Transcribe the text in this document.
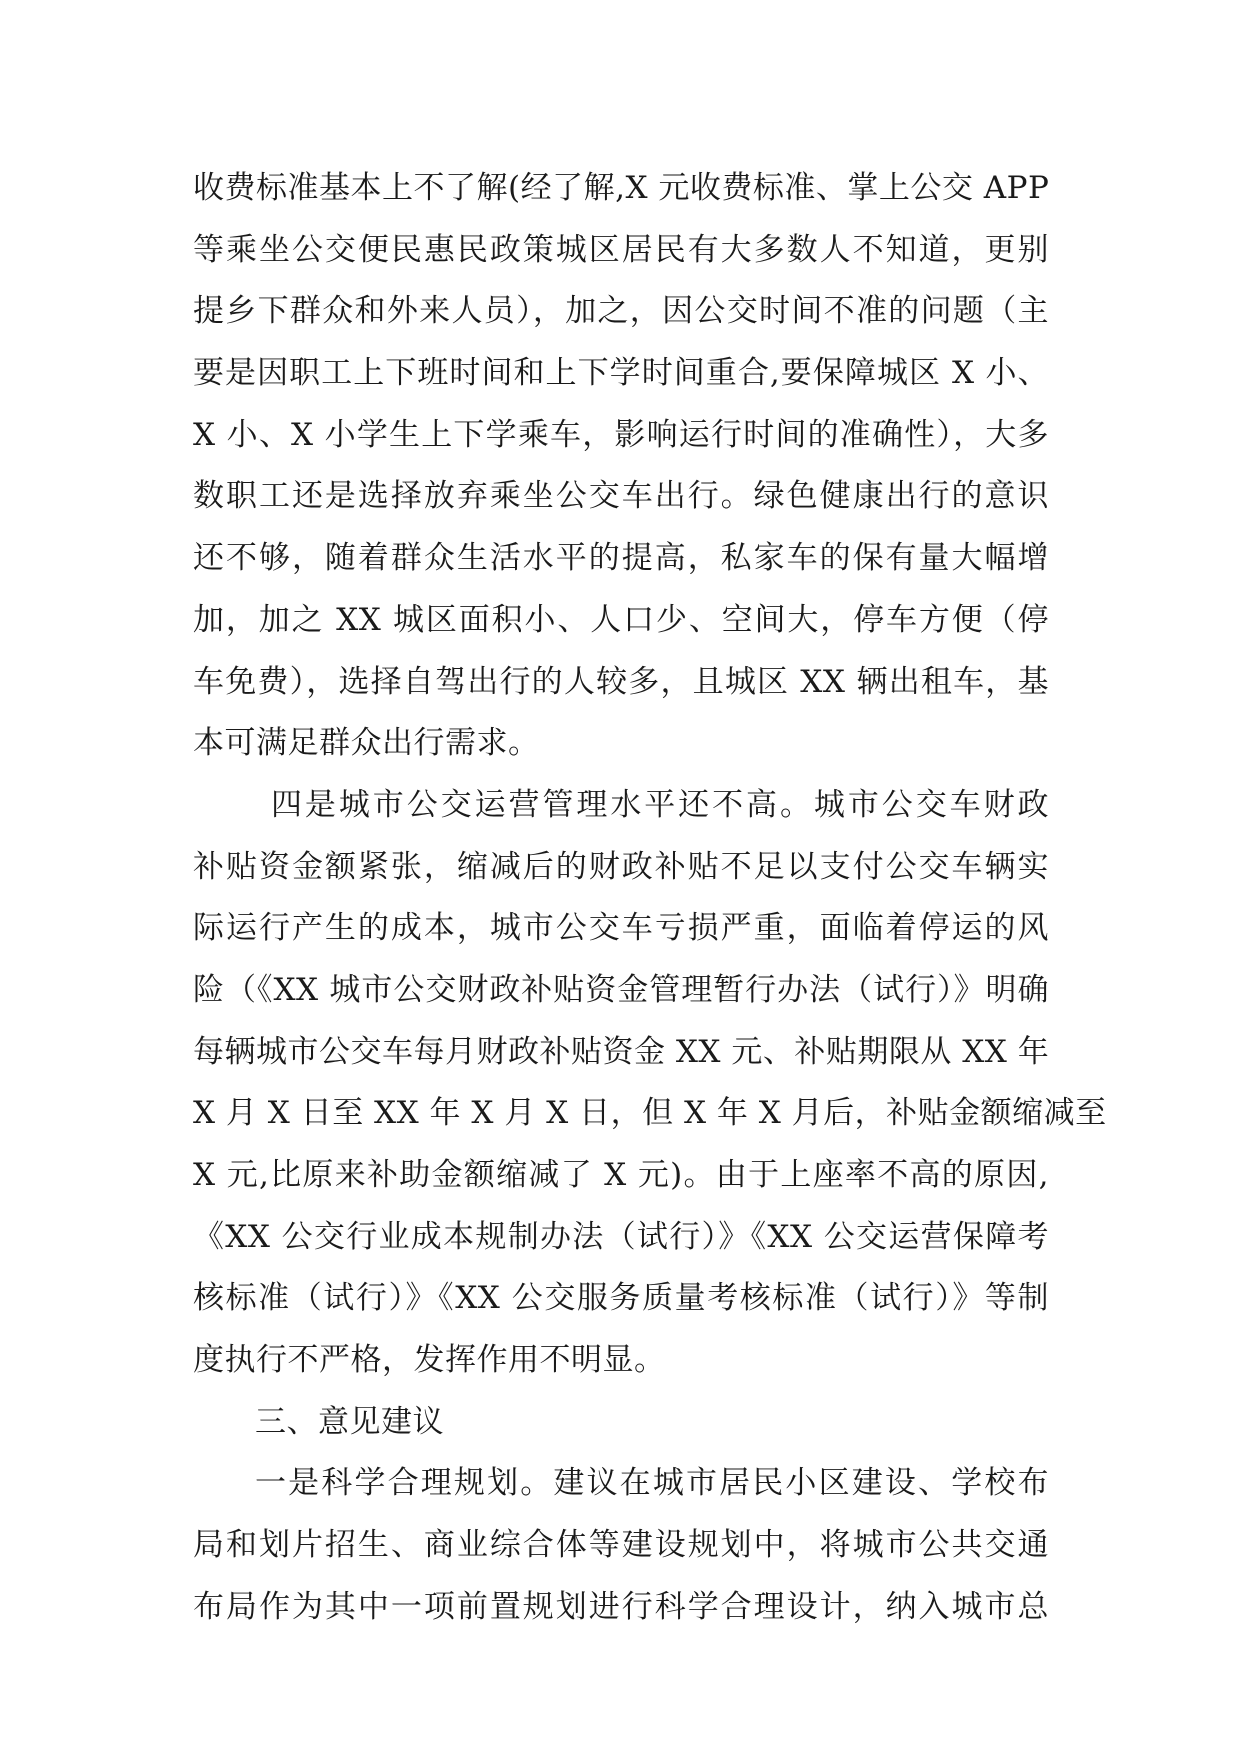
收费标准基本上不了解(经了解,X 元收费标准、掌上公交 APP
等乘坐公交便民惠民政策城区居民有大多数人不知道，更别
提乡下群众和外来人员），加之，因公交时间不准的问题（主
要是因职工上下班时间和上下学时间重合,要保障城区 X 小、
X 小、X 小学生上下学乘车，影响运行时间的准确性），大多
数职工还是选择放弃乘坐公交车出行。绿色健康出行的意识
还不够，随着群众生活水平的提高，私家车的保有量大幅增
加，加之 XX 城区面积小、人口少、空间大，停车方便（停
车免费），选择自驾出行的人较多，且城区 XX 辆出租车，基
本可满足群众出行需求。
四是城市公交运营管理水平还不高。城市公交车财政
补贴资金额紧张，缩减后的财政补贴不足以支付公交车辆实
际运行产生的成本，城市公交车亏损严重，面临着停运的风
险（《XX 城市公交财政补贴资金管理暂行办法（试行）》明确
每辆城市公交车每月财政补贴资金 XX 元、补贴期限从 XX 年
X 月 X 日至 XX 年 X 月 X 日，但 X 年 X 月后，补贴金额缩减至
X 元,比原来补助金额缩减了 X 元)。由于上座率不高的原因,
《XX 公交行业成本规制办法（试行）》《XX 公交运营保障考
核标准（试行）》《XX 公交服务质量考核标准（试行）》等制
度执行不严格，发挥作用不明显。
三、意见建议
一是科学合理规划。建议在城市居民小区建设、学校布
局和划片招生、商业综合体等建设规划中，将城市公共交通
布局作为其中一项前置规划进行科学合理设计，纳入城市总
